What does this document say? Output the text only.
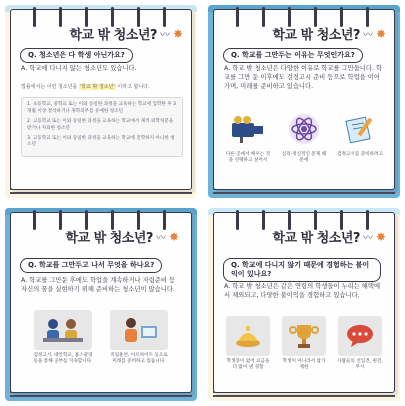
학교 밖 청소년? 〰 ✸
Q. 청소년은 다 학생 아닌가요?
A. 학교에 다니지 않는 청소년도 있습니다.
법률에서는 이런 청소년을 '학교 밖 청소년' 이라고 합니다.

1. 초등학교, 중학교 또는 이와 동일한 과정을 교육하는 학교에 입학한 후 3개월 이상 결석하거나 취학의무를 유예한 청소년

2. 고등학교 또는 이와 동일한 과정을 교육하는 학교에서 제적·퇴학처분을 받거나 자퇴한 청소년

3. 고등학교 또는 이와 동일한 과정을 교육하는 학교에 진학하지 아니한 청소년

학교 밖 청소년? 〰 ✸
Q. 학교를 그만두는 이유는 무엇인가요?
A. 학교 밖 청소년은 다양한 이유로 학교를 그만둡니다. 학교를 그만 둔 이후에도 검정고시 준비 등으로 학업을 이어가며, 미래를 준비하고 있습니다.
다른 곳에서 배우는 것을 선택하고 싶어서
심리·정신적인 문제 때문에
검정고시를 준비하려고
학교 밖 청소년? 〰 ✸
Q. 학교를 그만두고 나서 무엇을 하나요?
A. 학교를 그만둔 후에도 학업을 계속하거나 자립준비 등 자신의 꿈을 실현하기 위해 준비하는 청소년이 많습니다.
검정고시, 대안학교, 홈스쿨링 등을 통해 공부를 지속합니다.
직업훈련, 아르바이트 등으로 미래를 준비하고 있습니다.
학교 밖 청소년? 〰 ✸
Q. 학교에 다니지 않기 때문에 경험하는 불이익이 있나요?
A. 학교 밖 청소년은 같은 연령의 학생들이 누리는 혜택에서 제외되고, 다양한 불이익을 경험하고 있습니다.
학생증이 없어 요금을 더 많이 낸 경험
학생이 아니라서 참가 제한
사람들의 선입견, 편견, 무시
